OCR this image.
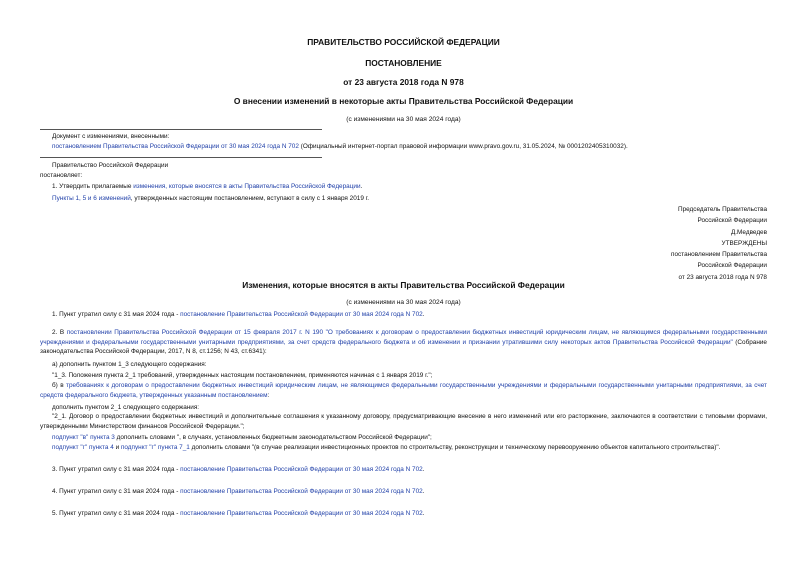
ПРАВИТЕЛЬСТВО РОССИЙСКОЙ ФЕДЕРАЦИИ
ПОСТАНОВЛЕНИЕ
от 23 августа 2018 года N 978
О внесении изменений в некоторые акты Правительства Российской Федерации
(с изменениями на 30 мая 2024 года)
Документ с изменениями, внесенными:
постановлением Правительства Российской Федерации от 30 мая 2024 года N 702 (Официальный интернет-портал правовой информации www.pravo.gov.ru, 31.05.2024, № 0001202405310032).
Правительство Российской Федерации
постановляет:
1. Утвердить прилагаемые изменения, которые вносятся в акты Правительства Российской Федерации.
Пункты 1, 5 и 6 изменений, утвержденных настоящим постановлением, вступают в силу с 1 января 2019 г.
Председатель Правительства
Российской Федерации
Д.Медведев
УТВЕРЖДЕНЫ
постановлением Правительства
Российской Федерации
от 23 августа 2018 года N 978
Изменения, которые вносятся в акты Правительства Российской Федерации
(с изменениями на 30 мая 2024 года)
1. Пункт утратил силу с 31 мая 2024 года - постановление Правительства Российской Федерации от 30 мая 2024 года N 702.
2. В постановлении Правительства Российской Федерации от 15 февраля 2017 г. N 190 "О требованиях к договорам о предоставлении бюджетных инвестиций юридическим лицам, не являющимся федеральными государственными учреждениями и федеральными государственными унитарными предприятиями, за счет средств федерального бюджета и об изменении и признании утратившими силу некоторых актов Правительства Российской Федерации" (Собрание законодательства Российской Федерации, 2017, N 8, ст.1256; N 43, ст.6341):
а) дополнить пунктом 1_3 следующего содержания:
"1_3. Положения пункта 2_1 требований, утвержденных настоящим постановлением, применяются начиная с 1 января 2019 г.";
б) в требованиях к договорам о предоставлении бюджетных инвестиций юридическим лицам, не являющимся федеральными государственными учреждениями и федеральными государственными унитарными предприятиями, за счет средств федерального бюджета, утвержденных указанным постановлением:
дополнить пунктом 2_1 следующего содержания:
"2_1. Договор о предоставлении бюджетных инвестиций и дополнительные соглашения к указанному договору, предусматривающие внесение в него изменений или его расторжение, заключаются в соответствии с типовыми формами, утвержденными Министерством финансов Российской Федерации.";
подпункт "в" пункта 3 дополнить словами ", в случаях, установленных бюджетным законодательством Российской Федерации";
подпункт "г" пункта 4 и подпункт "г" пункта 7_1 дополнить словами "(в случае реализации инвестиционных проектов по строительству, реконструкции и техническому перевооружению объектов капитального строительства)".
3. Пункт утратил силу с 31 мая 2024 года - постановление Правительства Российской Федерации от 30 мая 2024 года N 702.
4. Пункт утратил силу с 31 мая 2024 года - постановление Правительства Российской Федерации от 30 мая 2024 года N 702.
5. Пункт утратил силу с 31 мая 2024 года - постановление Правительства Российской Федерации от 30 мая 2024 года N 702.
